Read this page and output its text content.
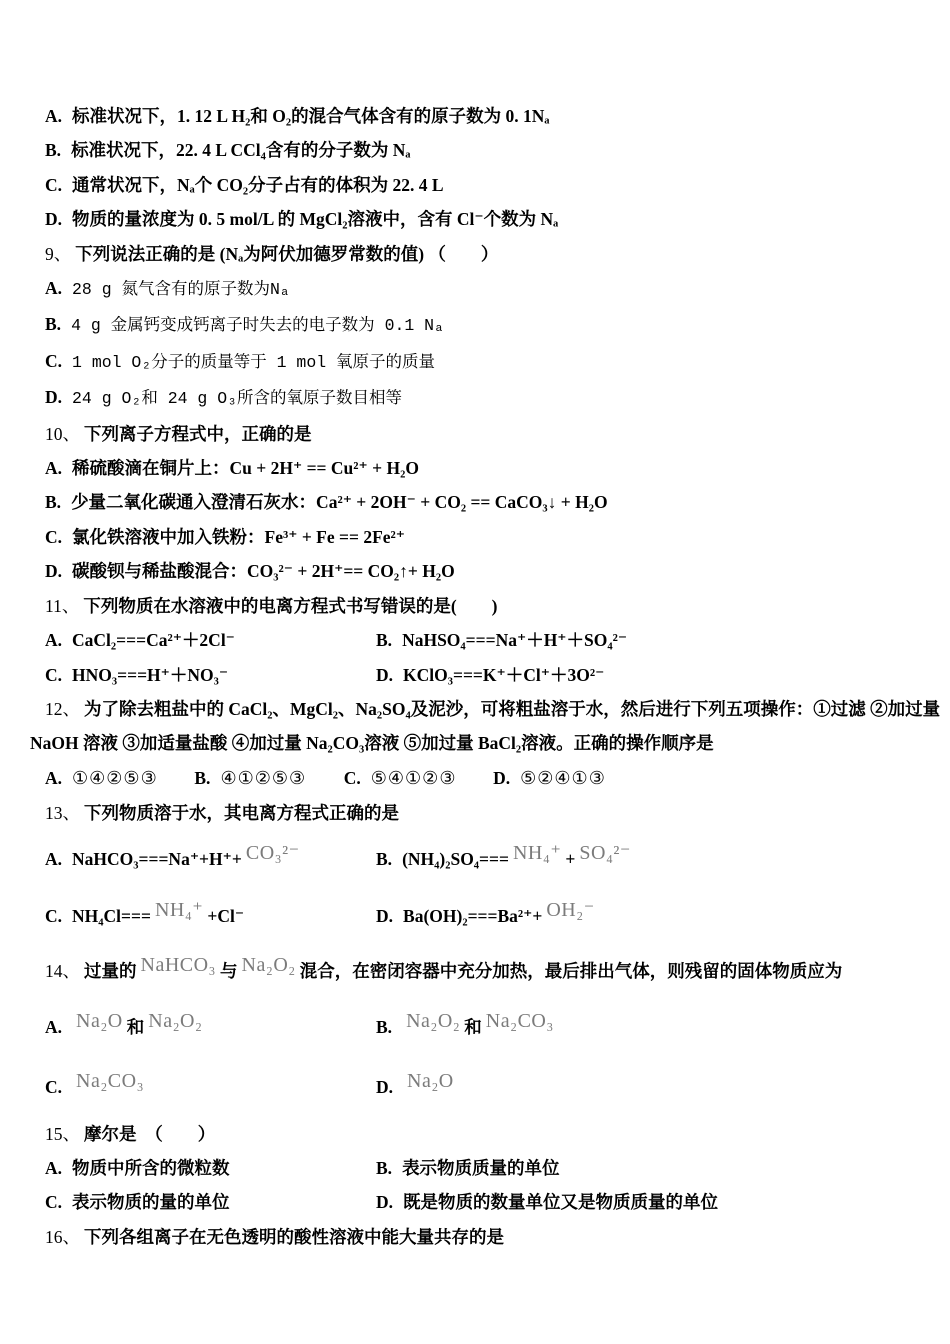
A. 标准状况下，1. 12 L H₂和 O₂的混合气体含有的原子数为 0. 1Nₐ
B. 标准状况下，22. 4 L CCl₄含有的分子数为 Nₐ
C. 通常状况下，Nₐ个 CO₂分子占有的体积为 22. 4 L
D. 物质的量浓度为 0. 5 mol/L 的 MgCl₂溶液中，含有 Cl⁻个数为 Nₐ
9、 下列说法正确的是 (Nₐ为阿伏加德罗常数的值) （　　）
A. 28 g 氮气含有的原子数为Nₐ
B. 4 g 金属钙变成钙离子时失去的电子数为 0.1 Nₐ
C. 1 mol O₂分子的质量等于 1 mol 氧原子的质量
D. 24 g O₂和 24 g O₃所含的氧原子数目相等
10、 下列离子方程式中，正确的是
A. 稀硫酸滴在铜片上：Cu + 2H⁺ == Cu²⁺ + H₂O
B. 少量二氧化碳通入澄清石灰水：Ca²⁺ + 2OH⁻ + CO₂ == CaCO₃↓ + H₂O
C. 氯化铁溶液中加入铁粉：Fe³⁺ + Fe == 2Fe²⁺
D. 碳酸钡与稀盐酸混合：CO₃²⁻ + 2H⁺== CO₂↑+ H₂O
11、 下列物质在水溶液中的电离方程式书写错误的是(　　)
A. CaCl₂===Ca²⁺＋2Cl⁻	B. NaHSO₄===Na⁺＋H⁺＋SO₄²⁻
C. HNO₃===H⁺＋NO₃⁻	D. KClO₃===K⁺＋Cl⁺＋3O²⁻
12、 为了除去粗盐中的 CaCl₂、MgCl₂、Na₂SO₄及泥沙，可将粗盐溶于水，然后进行下列五项操作：①过滤 ②加过量
NaOH 溶液 ③加适量盐酸 ④加过量 Na₂CO₃溶液 ⑤加过量 BaCl₂溶液。正确的操作顺序是
A. ①④②⑤③ B. ④①②⑤③ C. ⑤④①②③ D. ⑤②④①③
13、 下列物质溶于水，其电离方程式正确的是
A. NaHCO₃===Na⁺+H⁺+ CO₃²⁻	B. (NH₄)₂SO₄=== NH₄⁺ + SO₄²⁻
C. NH₄Cl=== NH₄⁺ +Cl⁻	D. Ba(OH)₂===Ba²⁺+ OH₂⁻
14、 过量的 NaHCO₃ 与 Na₂O₂ 混合，在密闭容器中充分加热，最后排出气体，则残留的固体物质应为
A. Na₂O 和 Na₂O₂	B. Na₂O₂ 和 Na₂CO₃
C. Na₂CO₃	D. Na₂O
15、 摩尔是　（　　）
A. 物质中所含的微粒数	B. 表示物质质量的单位
C. 表示物质的量的单位	D. 既是物质的数量单位又是物质质量的单位
16、 下列各组离子在无色透明的酸性溶液中能大量共存的是
